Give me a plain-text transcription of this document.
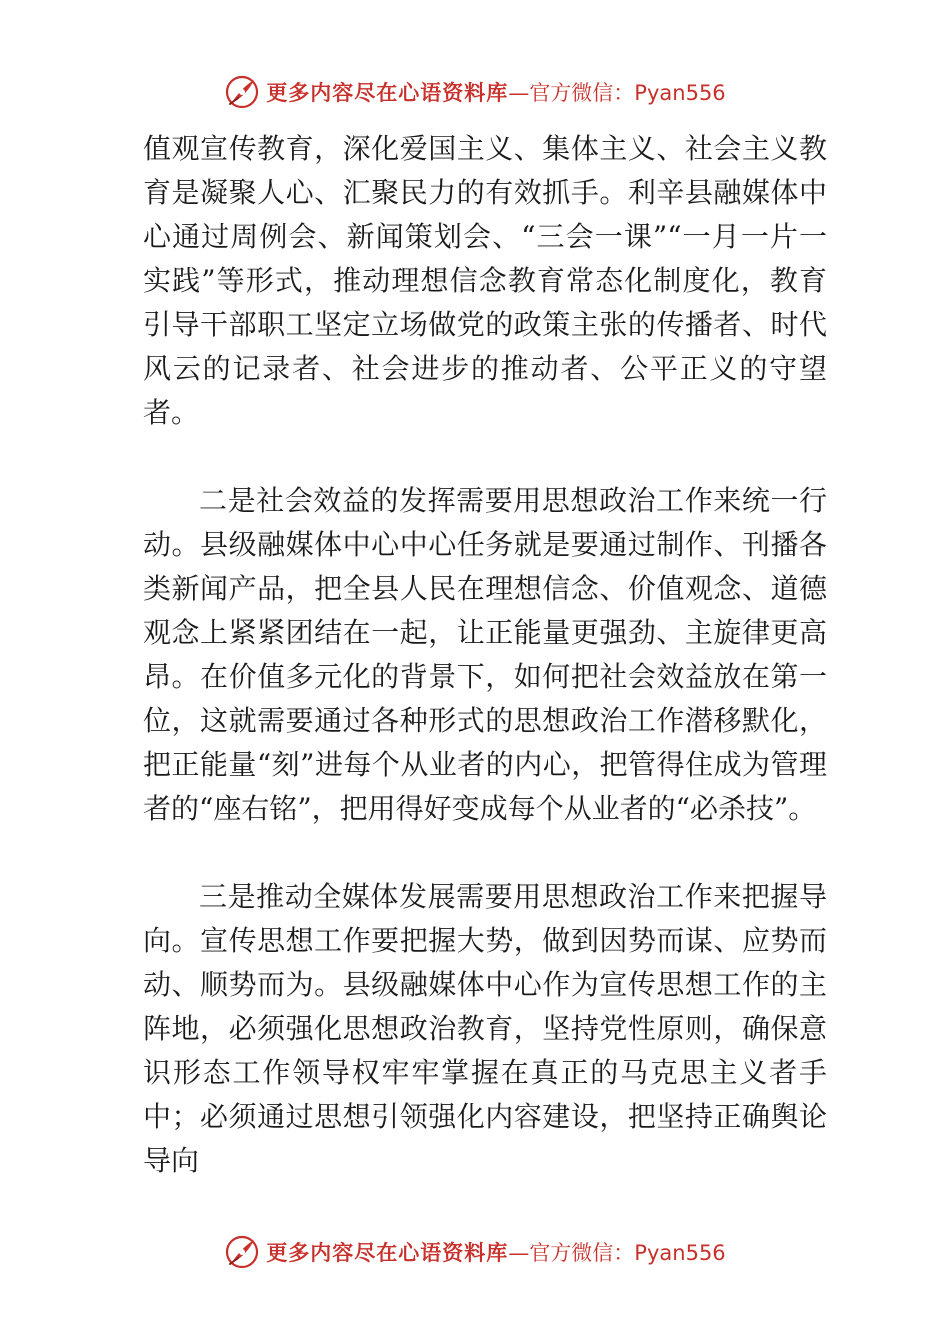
更多内容尽在心语资料库 —官方微信：Pyan556

值观宣传教育，深化爱国主义、集体主义、社会主义教育是凝聚人心、汇聚民力的有效抓手。利辛县融媒体中心通过周例会、新闻策划会、“三会一课”“一月一片一实践”等形式，推动理想信念教育常态化制度化，教育引导干部职工坚定立场做党的政策主张的传播者、时代风云的记录者、社会进步的推动者、公平正义的守望者。

二是社会效益的发挥需要用思想政治工作来统一行动。县级融媒体中心中心任务就是要通过制作、刊播各类新闻产品，把全县人民在理想信念、价值观念、道德观念上紧紧团结在一起，让正能量更强劲、主旋律更高昂。在价值多元化的背景下，如何把社会效益放在第一位，这就需要通过各种形式的思想政治工作潜移默化，把正能量“刻”进每个从业者的内心，把管得住成为管理者的“座右铭”，把用得好变成每个从业者的“必杀技”。

三是推动全媒体发展需要用思想政治工作来把握导向。宣传思想工作要把握大势，做到因势而谋、应势而动、顺势而为。县级融媒体中心作为宣传思想工作的主阵地，必须强化思想政治教育，坚持党性原则，确保意识形态工作领导权牢牢掌握在真正的马克思主义者手中；必须通过思想引领强化内容建设，把坚持正确舆论导向

更多内容尽在心语资料库 —官方微信：Pyan556
